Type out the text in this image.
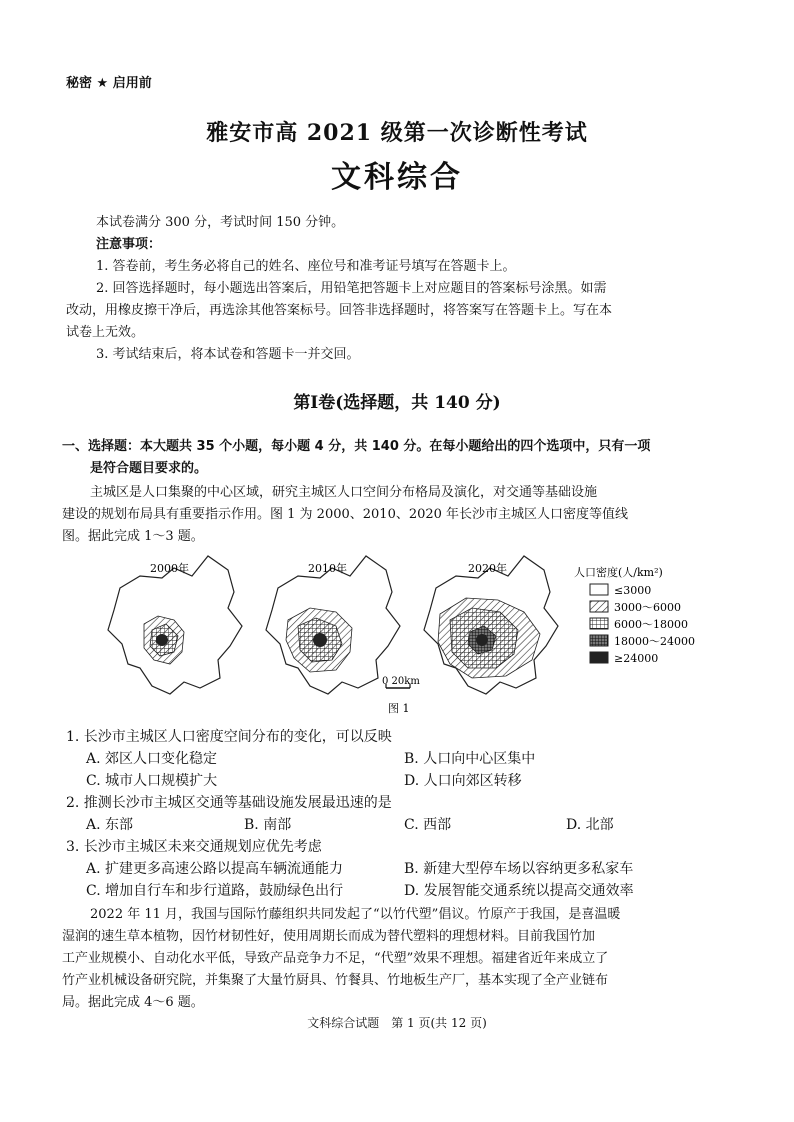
秘密 ★ 启用前
雅安市高 2021 级第一次诊断性考试
文科综合
本试卷满分 300 分，考试时间 150 分钟。
注意事项：
1. 答卷前，考生务必将自己的姓名、座位号和准考证号填写在答题卡上。
2. 回答选择题时，每小题选出答案后，用铅笔把答题卡上对应题目的答案标号涂黑。如需
改动，用橡皮擦干净后，再选涂其他答案标号。回答非选择题时，将答案写在答题卡上。写在本
试卷上无效。
3. 考试结束后，将本试卷和答题卡一并交回。
第Ⅰ卷(选择题，共 140 分)
一、选择题：本大题共 35 个小题，每小题 4 分，共 140 分。在每小题给出的四个选项中，只有一项
是符合题目要求的。
主城区是人口集聚的中心区域，研究主城区人口空间分布格局及演化，对交通等基础设施
建设的规划布局具有重要指示作用。图 1 为 2000、2010、2020 年长沙市主城区人口密度等值线
图。据此完成 1～3 题。
2000年	2010年	2020年
0 20km
人口密度(人/km²)
≤3000
3000～6000
6000～18000
18000～24000
≥24000
图 1
1. 长沙市主城区人口密度空间分布的变化，可以反映
A. 郊区人口变化稳定	B. 人口向中心区集中
C. 城市人口规模扩大	D. 人口向郊区转移
2. 推测长沙市主城区交通等基础设施发展最迅速的是
A. 东部	B. 南部	C. 西部	D. 北部
3. 长沙市主城区未来交通规划应优先考虑
A. 扩建更多高速公路以提高车辆流通能力	B. 新建大型停车场以容纳更多私家车
C. 增加自行车和步行道路，鼓励绿色出行	D. 发展智能交通系统以提高交通效率
2022 年 11 月，我国与国际竹藤组织共同发起了“以竹代塑”倡议。竹原产于我国，是喜温暖
湿润的速生草本植物，因竹材韧性好，使用周期长而成为替代塑料的理想材料。目前我国竹加
工产业规模小、自动化水平低，导致产品竞争力不足，“代塑”效果不理想。福建省近年来成立了
竹产业机械设备研究院，并集聚了大量竹厨具、竹餐具、竹地板生产厂，基本实现了全产业链布
局。据此完成 4～6 题。
文科综合试题　第 1 页(共 12 页)
